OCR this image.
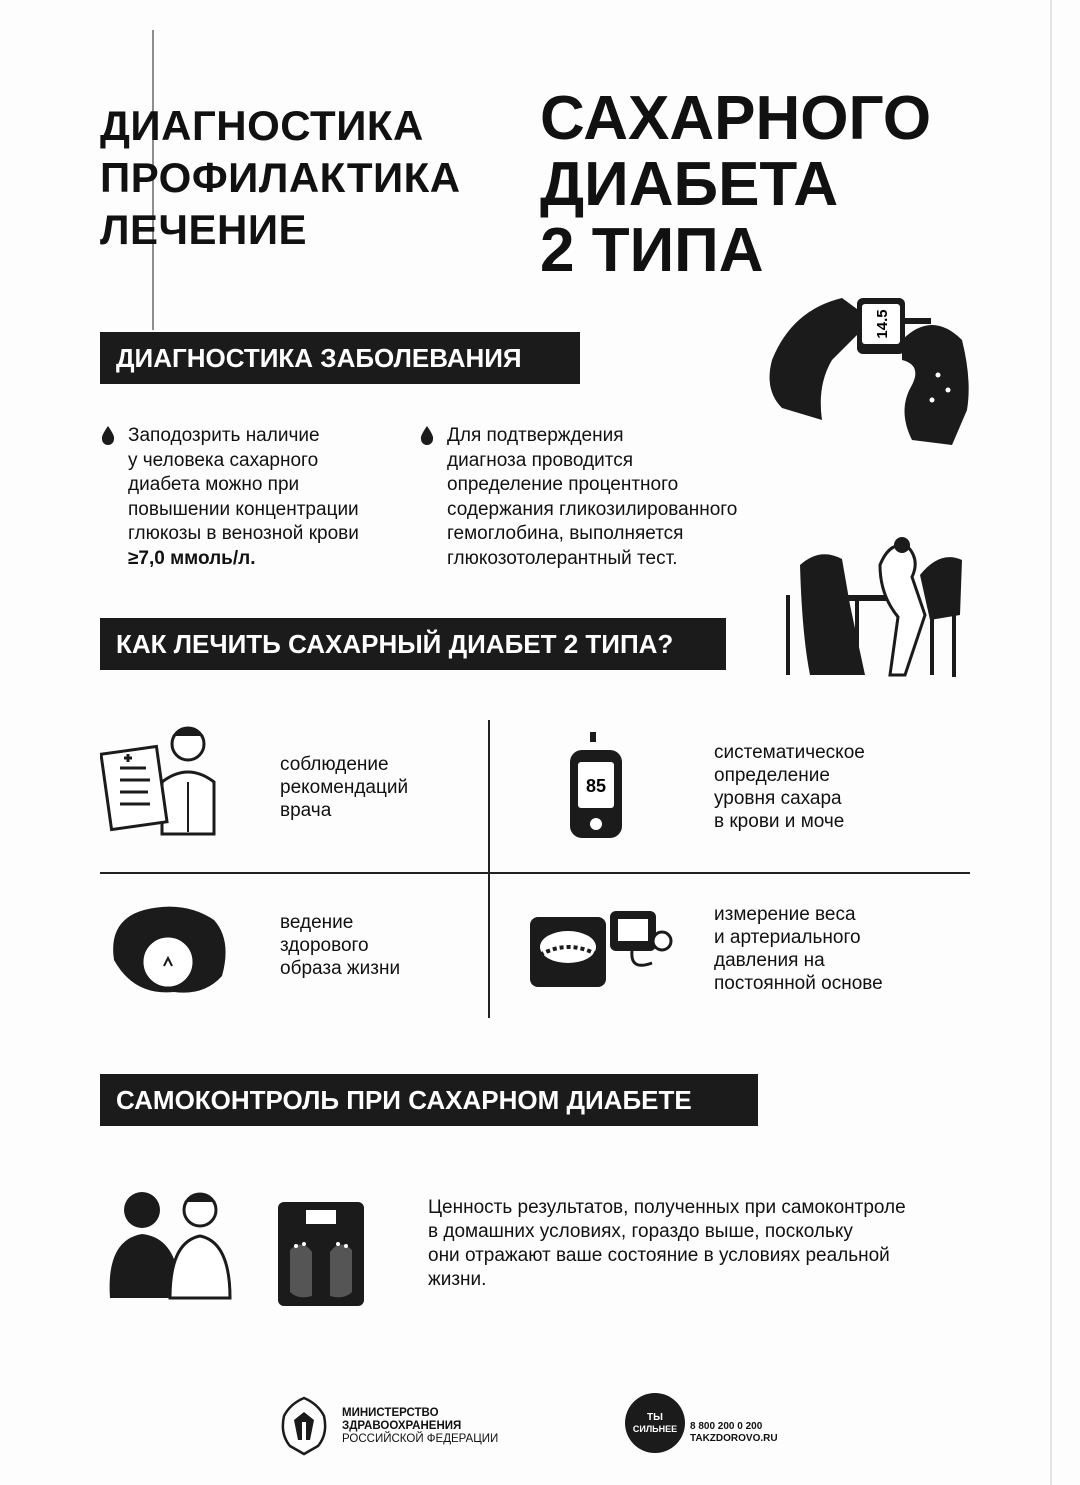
ДИАГНОСТИКА
ПРОФИЛАКТИКА
ЛЕЧЕНИЕ
САХАРНОГО
ДИАБЕТА
2 ТИПА
14.5
ДИАГНОСТИКА ЗАБОЛЕВАНИЯ
Заподозрить наличие
у человека сахарного
диабета можно при
повышении концентрации
глюкозы в венозной крови
≥7,0 ммоль/л.
Для подтверждения
диагноза проводится
определение процентного
содержания гликозилированного
гемоглобина, выполняется
глюкозотолерантный тест.
КАК ЛЕЧИТЬ САХАРНЫЙ ДИАБЕТ 2 ТИПА?
соблюдение
рекомендаций
врача
85
систематическое
определение
уровня сахара
в крови и моче
ведение
здорового
образа жизни
измерение веса
и артериального
давления на
постоянной основе
САМОКОНТРОЛЬ ПРИ САХАРНОМ ДИАБЕТЕ
Ценность результатов, полученных при самоконтроле
в домашних условиях, гораздо выше, поскольку
они отражают ваше состояние в условиях реальной
жизни.
МИНИСТЕРСТВО
ЗДРАВООХРАНЕНИЯ
РОССИЙСКОЙ ФЕДЕРАЦИИ
ТЫ
СИЛЬНЕЕ 8 800 200 0 200
TAKZDOROVO.RU
